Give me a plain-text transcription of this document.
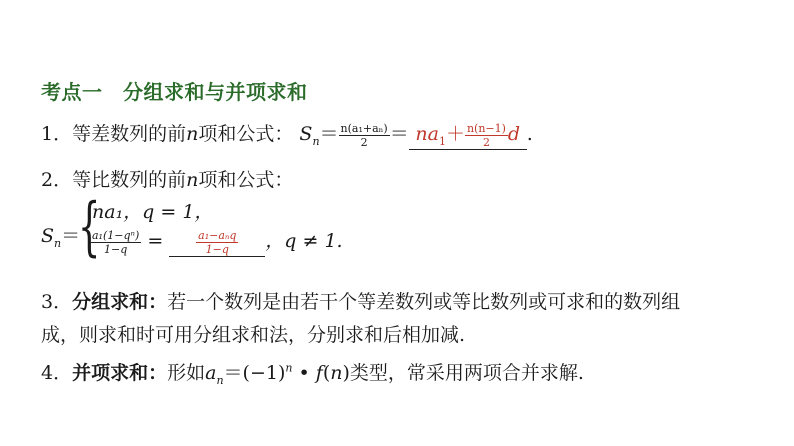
考点一　分组求和与并项求和
1．等差数列的前n项和公式： $S_n= \frac{\text{n(a₁+aₙ)}}{2} = na_1+ \frac{n(n-1)}{2}$ d .
2．等比数列的前n项和公式：
$S_n=$
{
na₁，q = 1，
$\frac{\text{a₁(1−qⁿ)}}{1-q}$ =	$\frac{\text{a₁−aₙq}}{1-q}$ ，q ≠ 1.
3．分组求和：若一个数列是由若干个等差数列或等比数列或可求和的数列组
成，则求和时可用分组求和法，分别求和后相加减.
4．并项求和：形如$a_n=(-1)^n$ • f(n)类型，常采用两项合并求解.
